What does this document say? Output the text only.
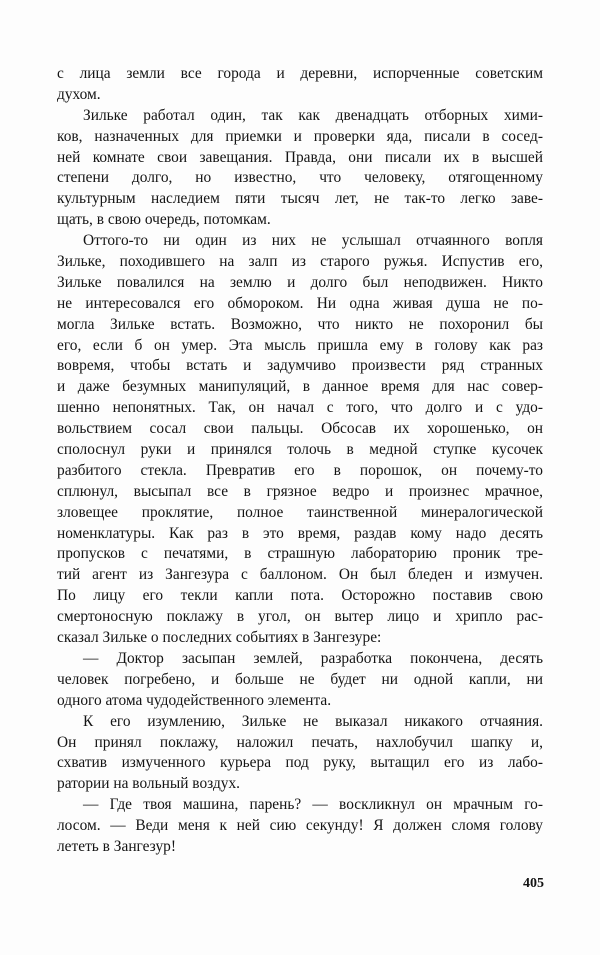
с лица земли все города и деревни, испорченные советским
духом.
Зильке работал один, так как двенадцать отборных хими-
ков, назначенных для приемки и проверки яда, писали в сосед-
ней комнате свои завещания. Правда, они писали их в высшей
степени долго, но известно, что человеку, отягощенному
культурным наследием пяти тысяч лет, не так-то легко заве-
щать, в свою очередь, потомкам.
Оттого-то ни один из них не услышал отчаянного вопля
Зильке, походившего на залп из старого ружья. Испустив его,
Зильке повалился на землю и долго был неподвижен. Никто
не интересовался его обмороком. Ни одна живая душа не по-
могла Зильке встать. Возможно, что никто не похоронил бы
его, если б он умер. Эта мысль пришла ему в голову как раз
вовремя, чтобы встать и задумчиво произвести ряд странных
и даже безумных манипуляций, в данное время для нас совер-
шенно непонятных. Так, он начал с того, что долго и с удо-
вольствием сосал свои пальцы. Обсосав их хорошенько, он
сполоснул руки и принялся толочь в медной ступке кусочек
разбитого стекла. Превратив его в порошок, он почему-то
сплюнул, высыпал все в грязное ведро и произнес мрачное,
зловещее проклятие, полное таинственной минералогической
номенклатуры. Как раз в это время, раздав кому надо десять
пропусков с печатями, в страшную лабораторию проник тре-
тий агент из Зангезура с баллоном. Он был бледен и измучен.
По лицу его текли капли пота. Осторожно поставив свою
смертоносную поклажу в угол, он вытер лицо и хрипло рас-
сказал Зильке о последних событиях в Зангезуре:
— Доктор засыпан землей, разработка покончена, десять
человек погребено, и больше не будет ни одной капли, ни
одного атома чудодейственного элемента.
К его изумлению, Зильке не выказал никакого отчаяния.
Он принял поклажу, наложил печать, нахлобучил шапку и,
схватив измученного курьера под руку, вытащил его из лабо-
ратории на вольный воздух.
— Где твоя машина, парень? — воскликнул он мрачным го-
лосом. — Веди меня к ней сию секунду! Я должен сломя голову
лететь в Зангезур!
405
